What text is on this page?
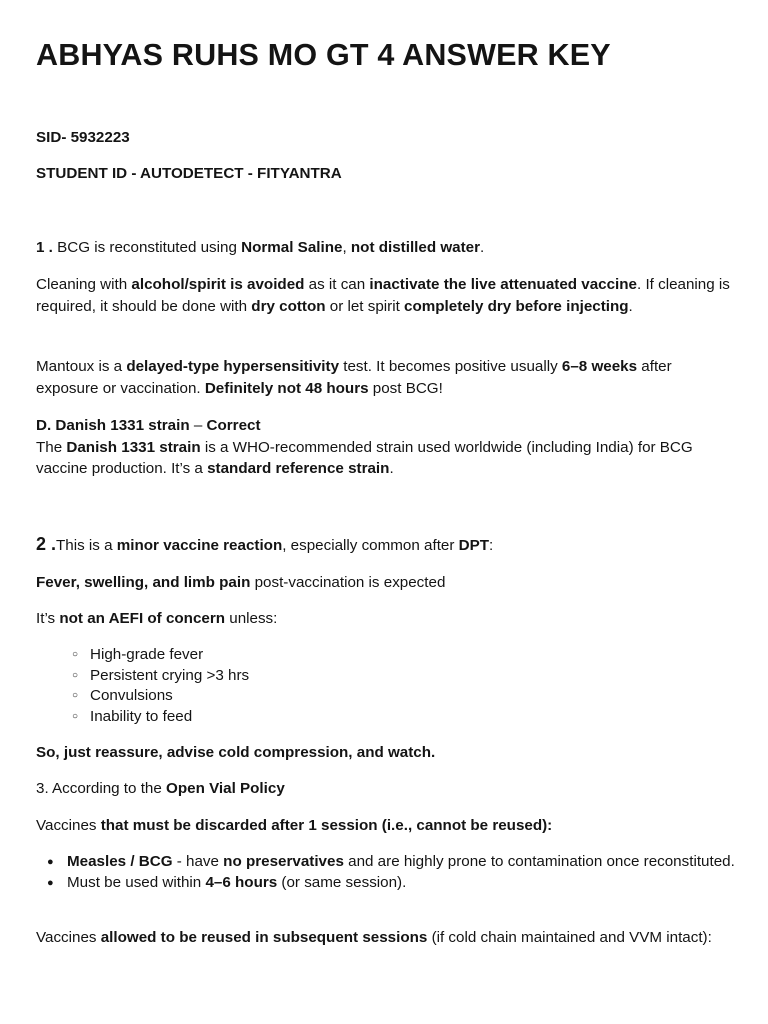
ABHYAS RUHS MO GT 4 ANSWER KEY

SID- 5932223

STUDENT ID - AUTODETECT - FITYANTRA

1 . BCG is reconstituted using Normal Saline, not distilled water.

Cleaning with alcohol/spirit is avoided as it can inactivate the live attenuated vaccine. If cleaning is required, it should be done with dry cotton or let spirit completely dry before injecting.

Mantoux is a delayed-type hypersensitivity test. It becomes positive usually 6–8 weeks after exposure or vaccination. Definitely not 48 hours post BCG!

D. Danish 1331 strain – Correct
The Danish 1331 strain is a WHO-recommended strain used worldwide (including India) for BCG vaccine production. It’s a standard reference strain.

2 .This is a minor vaccine reaction, especially common after DPT:

Fever, swelling, and limb pain post-vaccination is expected

It’s not an AEFI of concern unless:

○ High-grade fever
○ Persistent crying >3 hrs
○ Convulsions
○ Inability to feed

So, just reassure, advise cold compression, and watch.

3. According to the Open Vial Policy

Vaccines that must be discarded after 1 session (i.e., cannot be reused):

● Measles / BCG - have no preservatives and are highly prone to contamination once reconstituted.
● Must be used within 4–6 hours (or same session).

Vaccines allowed to be reused in subsequent sessions (if cold chain maintained and VVM intact):
